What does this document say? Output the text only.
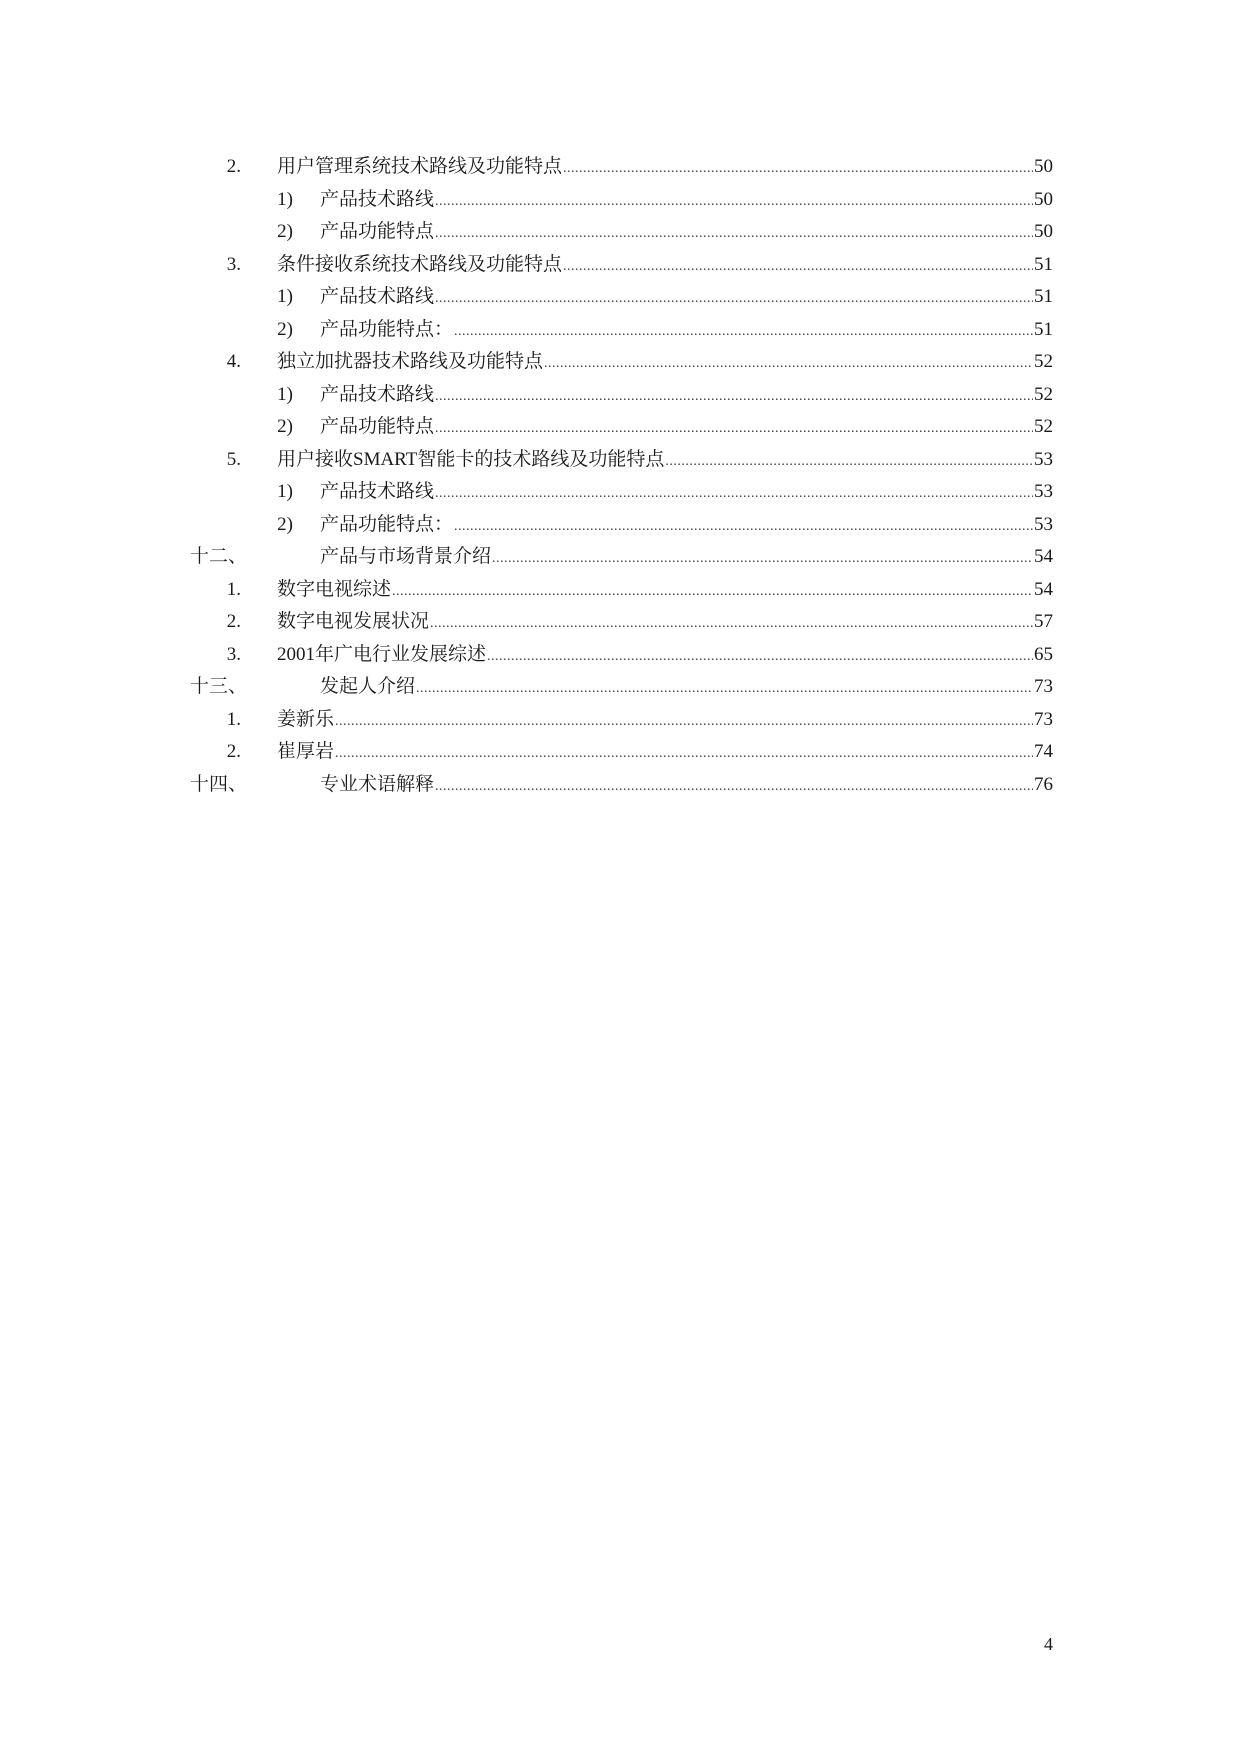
2. 用户管理系统技术路线及功能特点 .....	50
1) 产品技术路线 .....	50
2) 产品功能特点 .....	50
3. 条件接收系统技术路线及功能特点 .....	51
1) 产品技术路线 .....	51
2) 产品功能特点： .....	51
4. 独立加扰器技术路线及功能特点 .....	52
1) 产品技术路线 .....	52
2) 产品功能特点 .....	52
5. 用户接收SMART智能卡的技术路线及功能特点 .....	53
1) 产品技术路线 .....	53
2) 产品功能特点： .....	53
十二、	产品与市场背景介绍 .....	54
1. 数字电视综述 .....	54
2. 数字电视发展状况 .....	57
3. 2001年广电行业发展综述 .....	65
十三、	发起人介绍 .....	73
1. 姜新乐 .....	73
2. 崔厚岩 .....	74
十四、	专业术语解释 .....	76
4
